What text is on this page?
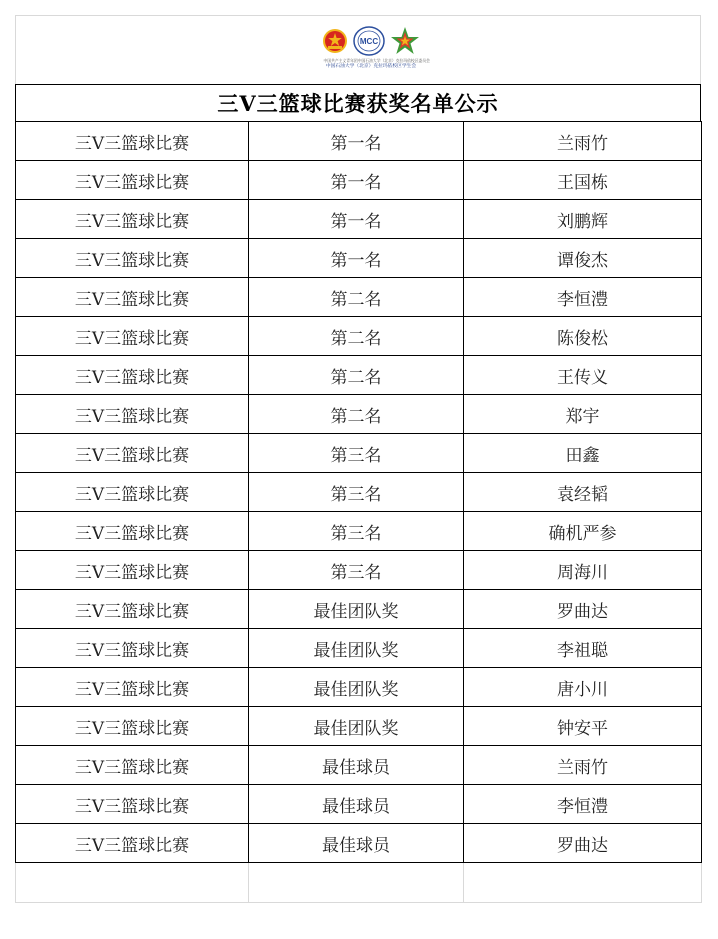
MCC
中国共产主义青年团中国石油大学（北京）克拉玛依校区委员会
中国石油大学（北京）克拉玛依校区学生会
三V三篮球比赛获奖名单公示
三V三篮球比赛	第一名	兰雨竹
三V三篮球比赛	第一名	王国栋
三V三篮球比赛	第一名	刘鹏辉
三V三篮球比赛	第一名	谭俊杰
三V三篮球比赛	第二名	李恒澧
三V三篮球比赛	第二名	陈俊松
三V三篮球比赛	第二名	王传义
三V三篮球比赛	第二名	郑宇
三V三篮球比赛	第三名	田鑫
三V三篮球比赛	第三名	袁经韬
三V三篮球比赛	第三名	确机严参
三V三篮球比赛	第三名	周海川
三V三篮球比赛	最佳团队奖	罗曲达
三V三篮球比赛	最佳团队奖	李祖聪
三V三篮球比赛	最佳团队奖	唐小川
三V三篮球比赛	最佳团队奖	钟安平
三V三篮球比赛	最佳球员	兰雨竹
三V三篮球比赛	最佳球员	李恒澧
三V三篮球比赛	最佳球员	罗曲达
